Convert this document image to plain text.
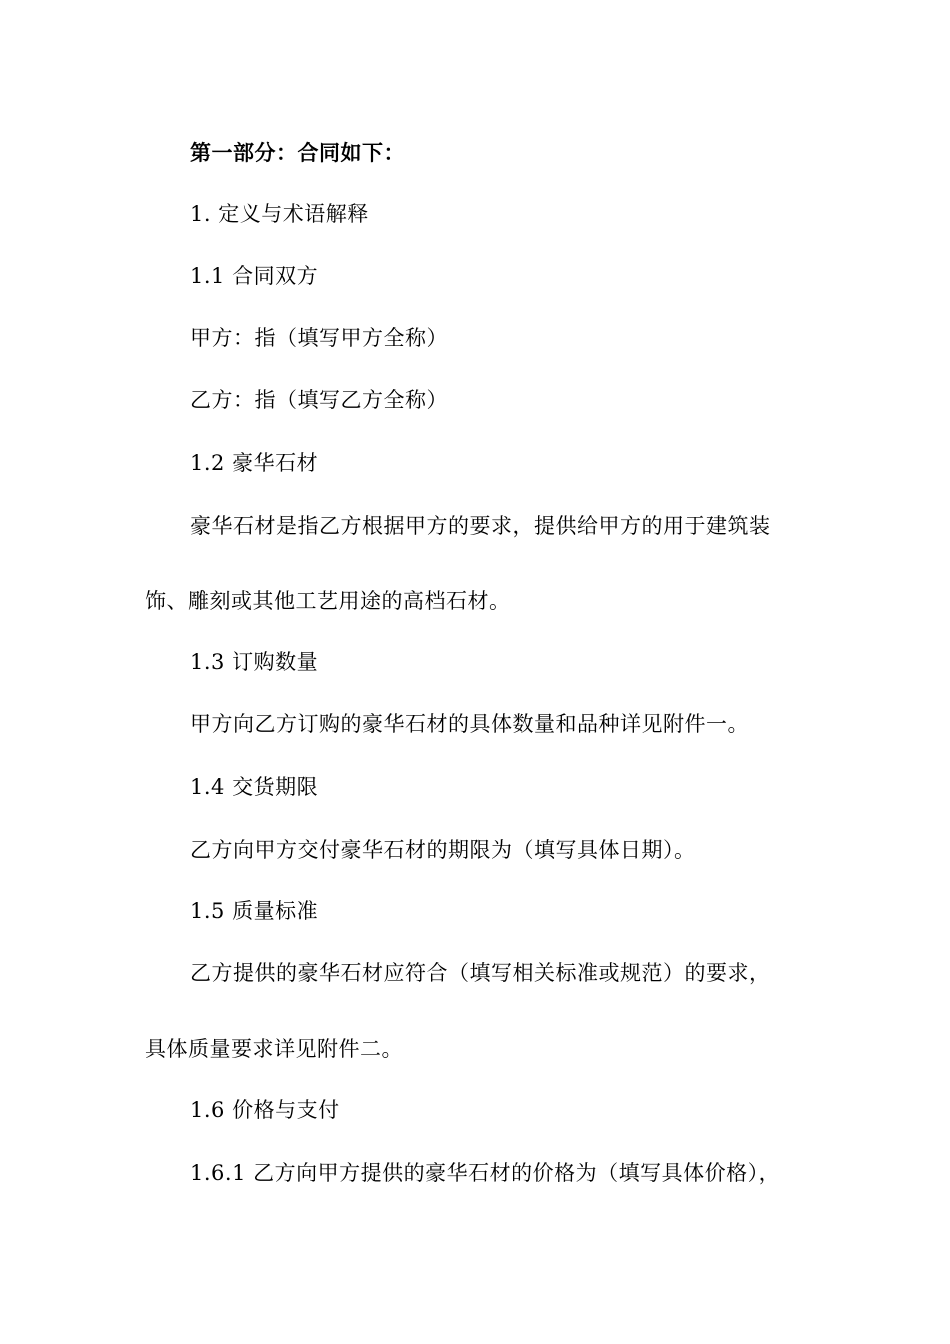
第一部分：合同如下：
1. 定义与术语解释
1.1 合同双方
甲方：指（填写甲方全称）
乙方：指（填写乙方全称）
1.2 豪华石材
豪华石材是指乙方根据甲方的要求，提供给甲方的用于建筑装
饰、雕刻或其他工艺用途的高档石材。
1.3 订购数量
甲方向乙方订购的豪华石材的具体数量和品种详见附件一。
1.4 交货期限
乙方向甲方交付豪华石材的期限为（填写具体日期）。
1.5 质量标准
乙方提供的豪华石材应符合（填写相关标准或规范）的要求，
具体质量要求详见附件二。
1.6 价格与支付
1.6.1 乙方向甲方提供的豪华石材的价格为（填写具体价格），
